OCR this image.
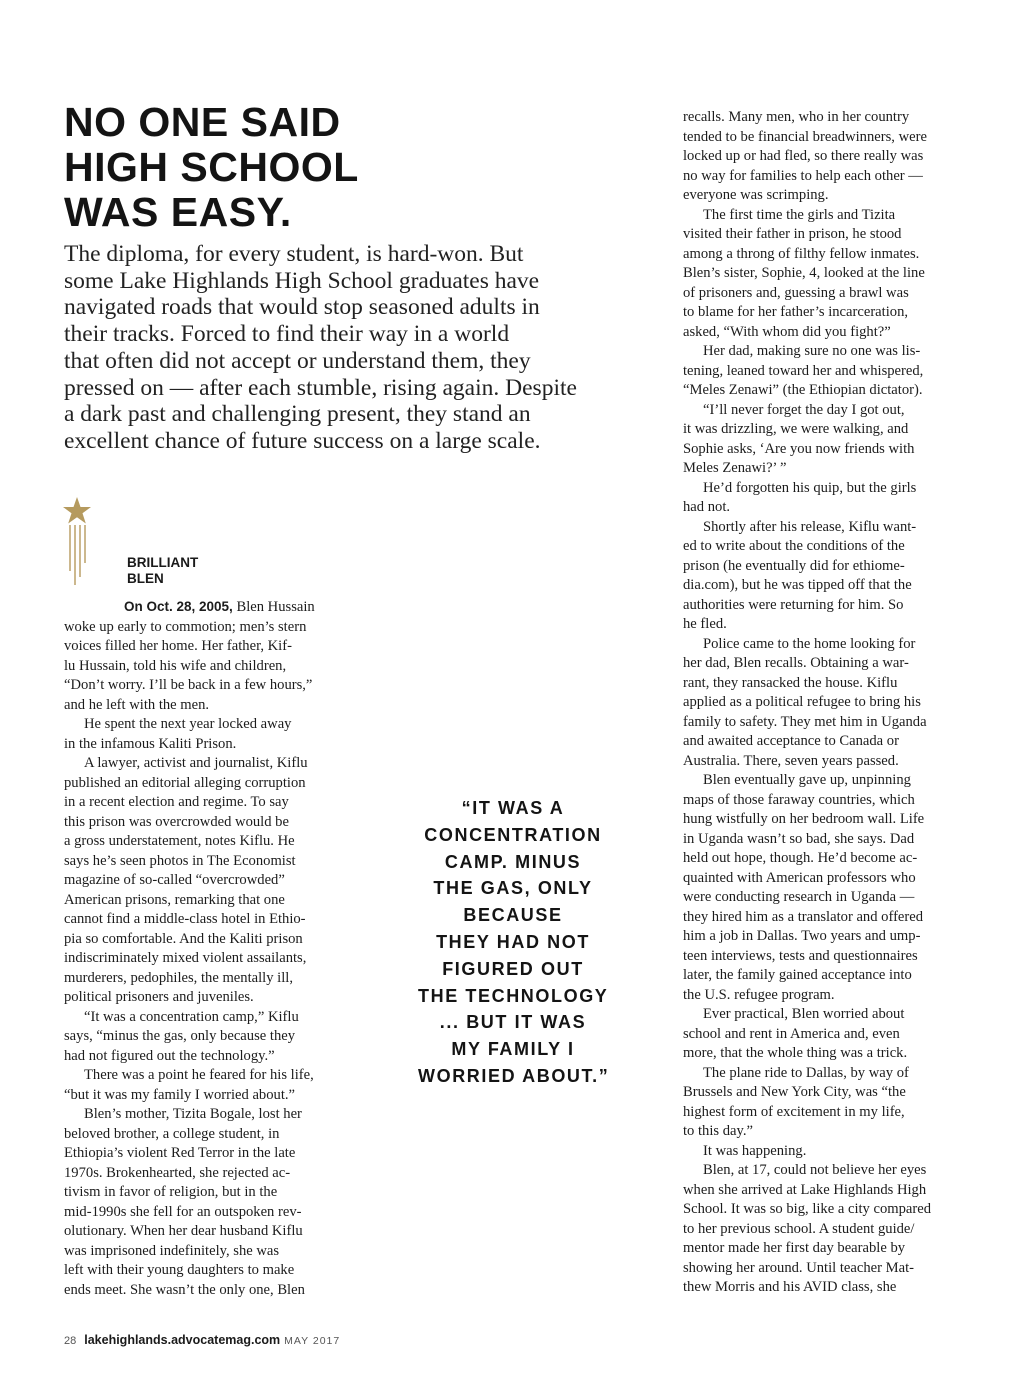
NO ONE SAID
HIGH SCHOOL
WAS EASY.

The diploma, for every student, is hard-won. But
some Lake Highlands High School graduates have
navigated roads that would stop seasoned adults in
their tracks. Forced to find their way in a world
that often did not accept or understand them, they
pressed on — after each stumble, rising again. Despite
a dark past and challenging present, they stand an
excellent chance of future success on a large scale.

BRILLIANT
BLEN
On Oct. 28, 2005, Blen Hussain
woke up early to commotion; men’s stern
voices filled her home. Her father, Kif-
lu Hussain, told his wife and children,
“Don’t worry. I’ll be back in a few hours,”
and he left with the men.
He spent the next year locked away
in the infamous Kaliti Prison.
A lawyer, activist and journalist, Kiflu
published an editorial alleging corruption
in a recent election and regime. To say
this prison was overcrowded would be
a gross understatement, notes Kiflu. He
says he’s seen photos in The Economist
magazine of so-called “overcrowded”
American prisons, remarking that one
cannot find a middle-class hotel in Ethio-
pia so comfortable. And the Kaliti prison
indiscriminately mixed violent assailants,
murderers, pedophiles, the mentally ill,
political prisoners and juveniles.
“It was a concentration camp,” Kiflu
says, “minus the gas, only because they
had not figured out the technology.”
There was a point he feared for his life,
“but it was my family I worried about.”
Blen’s mother, Tizita Bogale, lost her
beloved brother, a college student, in
Ethiopia’s violent Red Terror in the late
1970s. Brokenhearted, she rejected ac-
tivism in favor of religion, but in the
mid-1990s she fell for an outspoken rev-
olutionary. When her dear husband Kiflu
was imprisoned indefinitely, she was
left with their young daughters to make
ends meet. She wasn’t the only one, Blen
“IT WAS A
CONCENTRATION
CAMP. MINUS
THE GAS, ONLY
BECAUSE
THEY HAD NOT
FIGURED OUT
THE TECHNOLOGY
... BUT IT WAS
MY FAMILY I
WORRIED ABOUT.”
recalls. Many men, who in her country
tended to be financial breadwinners, were
locked up or had fled, so there really was
no way for families to help each other —
everyone was scrimping.
The first time the girls and Tizita
visited their father in prison, he stood
among a throng of filthy fellow inmates.
Blen’s sister, Sophie, 4, looked at the line
of prisoners and, guessing a brawl was
to blame for her father’s incarceration,
asked, “With whom did you fight?”
Her dad, making sure no one was lis-
tening, leaned toward her and whispered,
“Meles Zenawi” (the Ethiopian dictator).
“I’ll never forget the day I got out,
it was drizzling, we were walking, and
Sophie asks, ‘Are you now friends with
Meles Zenawi?’ ”
He’d forgotten his quip, but the girls
had not.
Shortly after his release, Kiflu want-
ed to write about the conditions of the
prison (he eventually did for ethiome-
dia.com), but he was tipped off that the
authorities were returning for him. So
he fled.
Police came to the home looking for
her dad, Blen recalls. Obtaining a war-
rant, they ransacked the house. Kiflu
applied as a political refugee to bring his
family to safety. They met him in Uganda
and awaited acceptance to Canada or
Australia. There, seven years passed.
Blen eventually gave up, unpinning
maps of those faraway countries, which
hung wistfully on her bedroom wall. Life
in Uganda wasn’t so bad, she says. Dad
held out hope, though. He’d become ac-
quainted with American professors who
were conducting research in Uganda —
they hired him as a translator and offered
him a job in Dallas. Two years and ump-
teen interviews, tests and questionnaires
later, the family gained acceptance into
the U.S. refugee program.
Ever practical, Blen worried about
school and rent in America and, even
more, that the whole thing was a trick.
The plane ride to Dallas, by way of
Brussels and New York City, was “the
highest form of excitement in my life,
to this day.”
It was happening.
Blen, at 17, could not believe her eyes
when she arrived at Lake Highlands High
School. It was so big, like a city compared
to her previous school. A student guide/
mentor made her first day bearable by
showing her around. Until teacher Mat-
thew Morris and his AVID class, she
28 lakehighlands.advocatemag.com MAY 2017
